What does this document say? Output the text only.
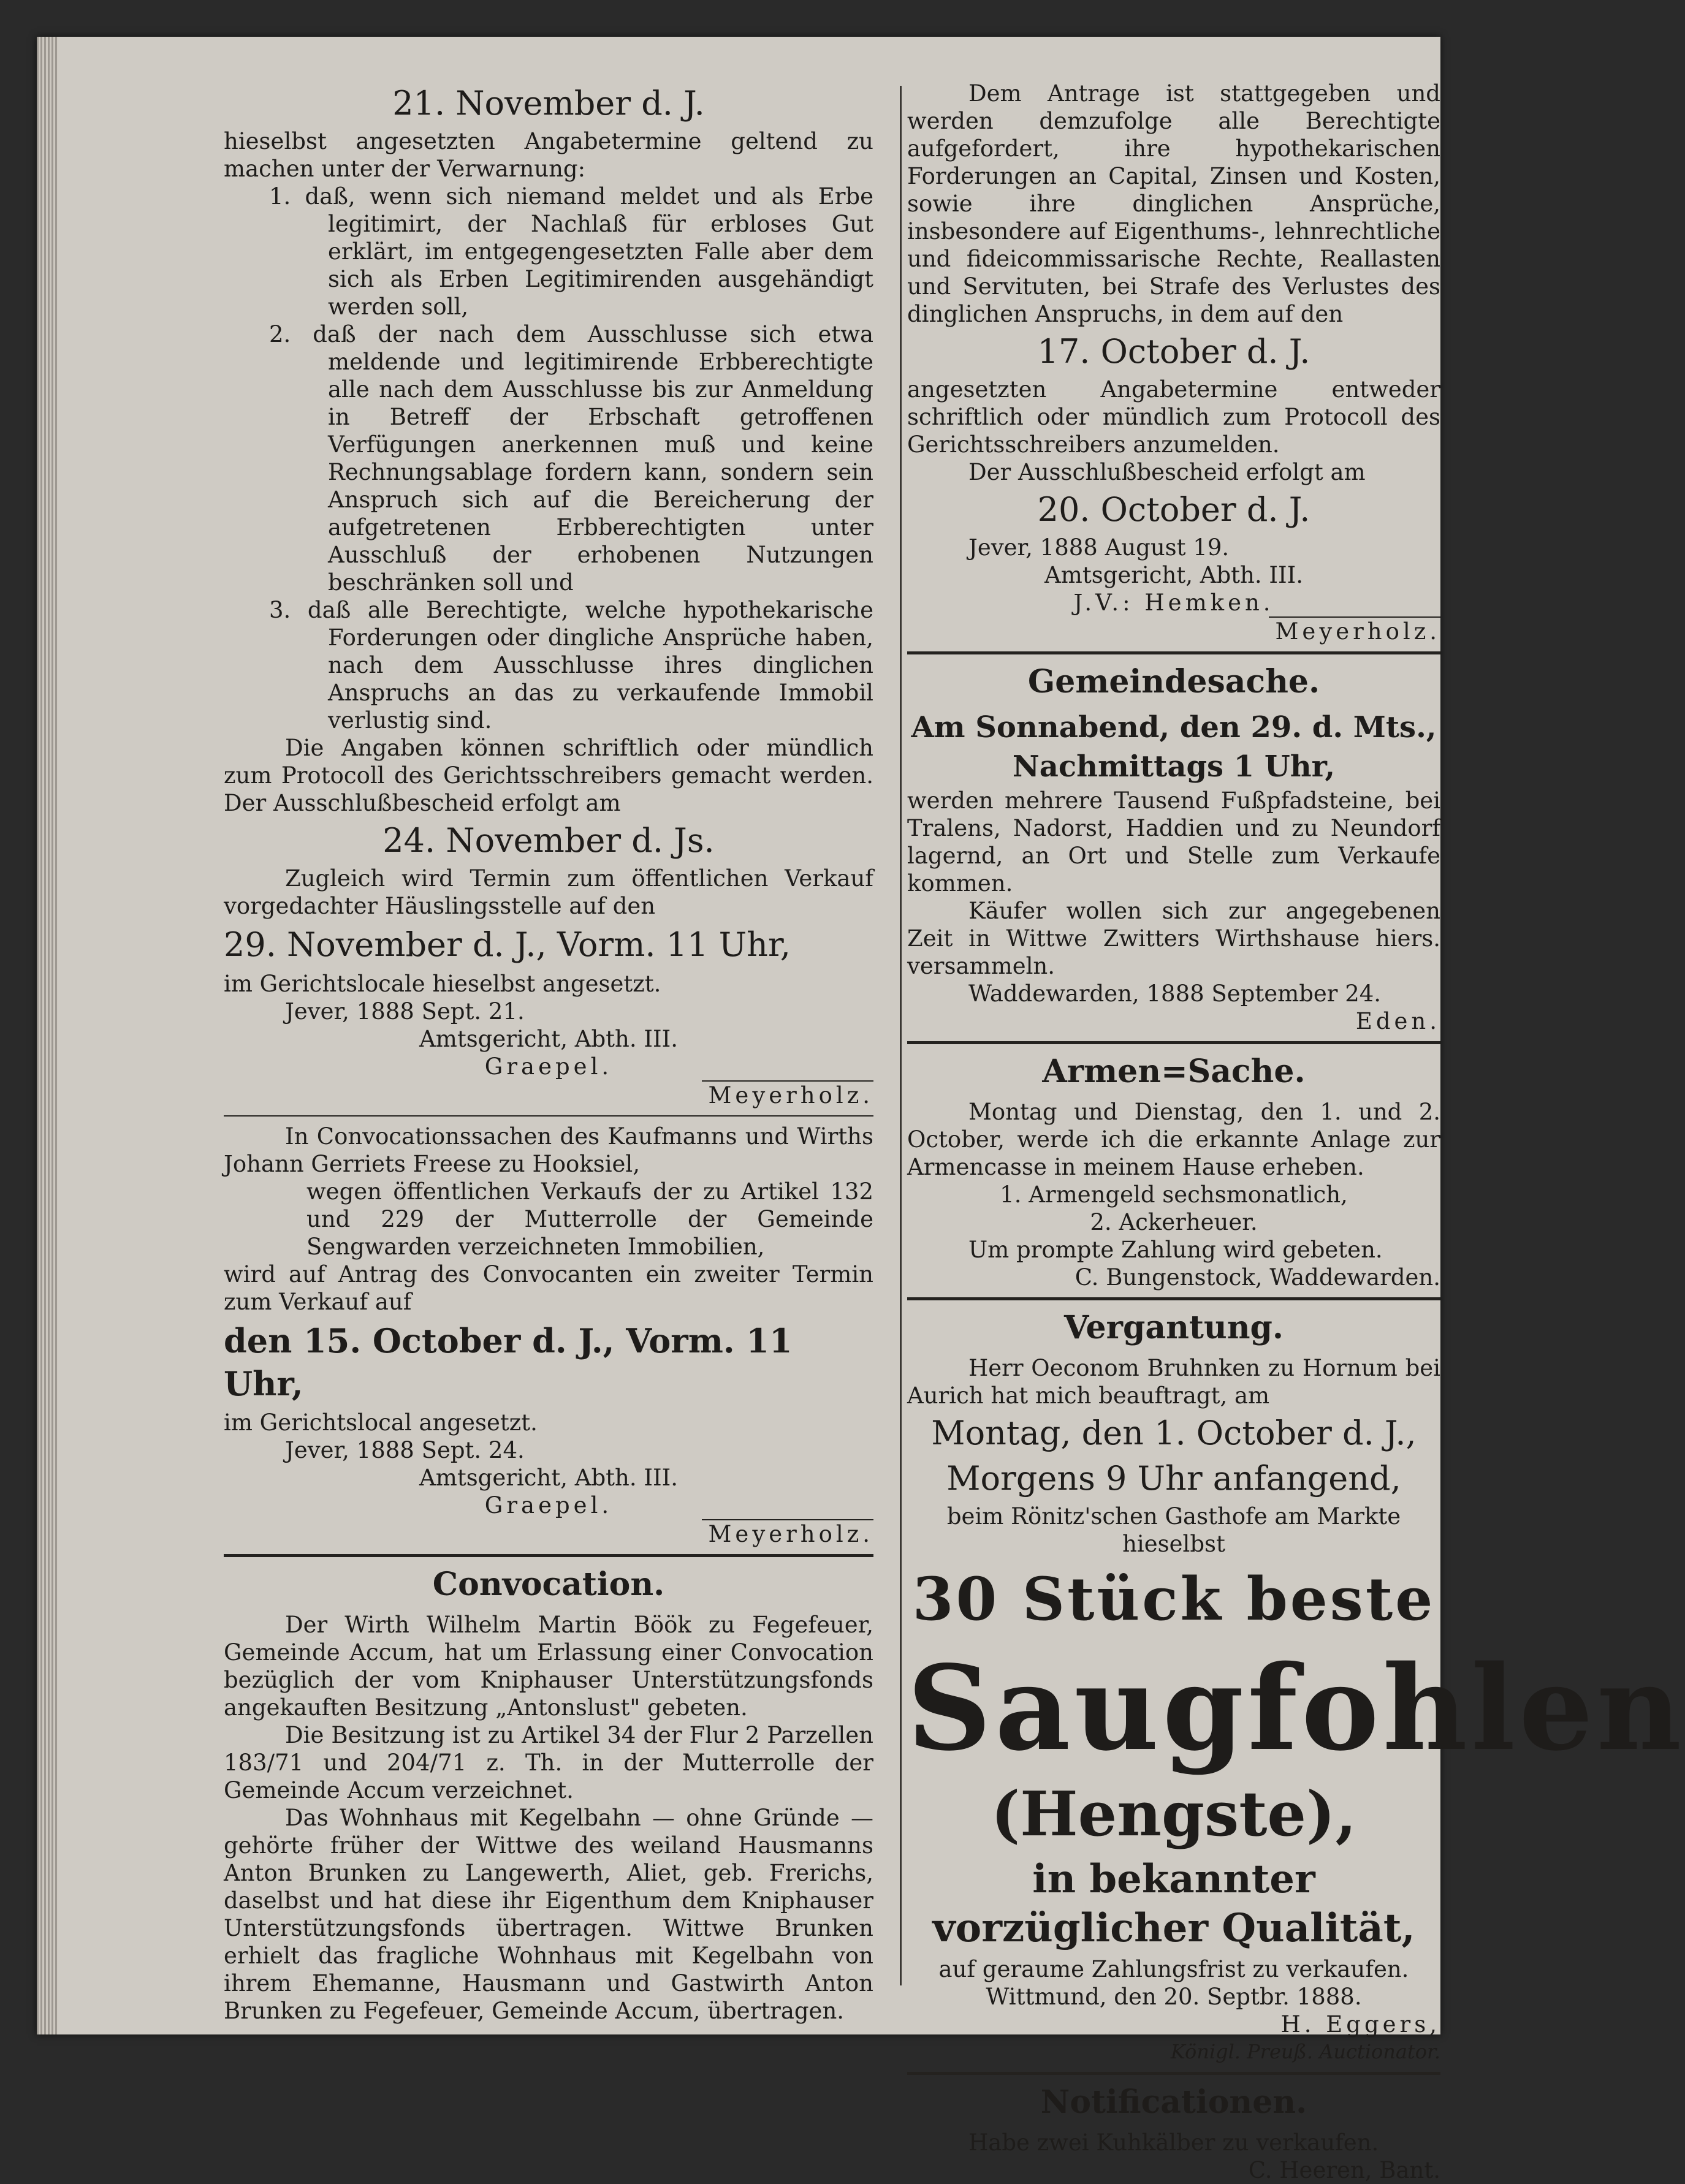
21. November d. J.

hieselbst angesetzten Angabetermine geltend zu machen unter der Verwarnung:

1. daß, wenn sich niemand meldet und als Erbe legitimirt, der Nachlaß für erbloses Gut erklärt, im entgegengesetzten Falle aber dem sich als Erben Legitimirenden ausgehändigt werden soll,

2. daß der nach dem Ausschlusse sich etwa meldende und legitimirende Erbberechtigte alle nach dem Ausschlusse bis zur Anmeldung in Betreff der Erbschaft getroffenen Verfügungen anerkennen muß und keine Rechnungsablage fordern kann, sondern sein Anspruch sich auf die Bereicherung der aufgetretenen Erbberechtigten unter Ausschluß der erhobenen Nutzungen beschränken soll und

3. daß alle Berechtigte, welche hypothekarische Forderungen oder dingliche Ansprüche haben, nach dem Ausschlusse ihres dinglichen Anspruchs an das zu verkaufende Immobil verlustig sind.

Die Angaben können schriftlich oder mündlich zum Protocoll des Gerichtsschreibers gemacht werden. Der Ausschlußbescheid erfolgt am

24. November d. Js.

Zugleich wird Termin zum öffentlichen Verkauf vorgedachter Häuslingsstelle auf den

29. November d. J., Vorm. 11 Uhr,

im Gerichtslocale hieselbst angesetzt.

Jever, 1888 Sept. 21.

Amtsgericht, Abth. III.

Graepel.

Meyerholz.

In Convocationssachen des Kaufmanns und Wirths Johann Gerriets Freese zu Hooksiel,

wegen öffentlichen Verkaufs der zu Artikel 132 und 229 der Mutterrolle der Gemeinde Sengwarden verzeichneten Immobilien,

wird auf Antrag des Convocanten ein zweiter Termin zum Verkauf auf

den 15. October d. J., Vorm. 11 Uhr,

im Gerichtslocal angesetzt.

Jever, 1888 Sept. 24.

Amtsgericht, Abth. III.

Graepel.

Meyerholz.

Convocation.

Der Wirth Wilhelm Martin Böök zu Fegefeuer, Gemeinde Accum, hat um Erlassung einer Convocation bezüglich der vom Kniphauser Unterstützungsfonds angekauften Besitzung „Antonslust" gebeten.

Die Besitzung ist zu Artikel 34 der Flur 2 Parzellen 183/71 und 204/71 z. Th. in der Mutterrolle der Gemeinde Accum verzeichnet.

Das Wohnhaus mit Kegelbahn — ohne Gründe — gehörte früher der Wittwe des weiland Hausmanns Anton Brunken zu Langewerth, Aliet, geb. Frerichs, daselbst und hat diese ihr Eigenthum dem Kniphauser Unterstützungsfonds übertragen. Wittwe Brunken erhielt das fragliche Wohnhaus mit Kegelbahn von ihrem Ehemanne, Hausmann und Gastwirth Anton Brunken zu Fegefeuer, Gemeinde Accum, übertragen.

Dem Antrage ist stattgegeben und werden demzufolge alle Berechtigte aufgefordert, ihre hypothekarischen Forderungen an Capital, Zinsen und Kosten, sowie ihre dinglichen Ansprüche, insbesondere auf Eigenthums-, lehnrechtliche und fideicommissarische Rechte, Reallasten und Servituten, bei Strafe des Verlustes des dinglichen Anspruchs, in dem auf den

17. October d. J.

angesetzten Angabetermine entweder schriftlich oder mündlich zum Protocoll des Gerichtsschreibers anzumelden.

Der Ausschlußbescheid erfolgt am

20. October d. J.

Jever, 1888 August 19.

Amtsgericht, Abth. III.

J.V.: Hemken.

Meyerholz.

Gemeindesache.

Am Sonnabend, den 29. d. Mts.,

Nachmittags 1 Uhr,

werden mehrere Tausend Fußpfadsteine, bei Tralens, Nadorst, Haddien und zu Neundorf lagernd, an Ort und Stelle zum Verkaufe kommen.

Käufer wollen sich zur angegebenen Zeit in Wittwe Zwitters Wirthshause hiers. versammeln.

Waddewarden, 1888 September 24.

Eden.

Armen=Sache.

Montag und Dienstag, den 1. und 2. October, werde ich die erkannte Anlage zur Armencasse in meinem Hause erheben.

1. Armengeld sechsmonatlich,

2. Ackerheuer.

Um prompte Zahlung wird gebeten.

C. Bungenstock, Waddewarden.

Vergantung.

Herr Oeconom Bruhnken zu Hornum bei Aurich hat mich beauftragt, am

Montag, den 1. October d. J.,

Morgens 9 Uhr anfangend,

beim Rönitz'schen Gasthofe am Markte hieselbst

30 Stück beste

Saugfohlen

(Hengste),

in bekannter vorzüglicher Qualität,

auf geraume Zahlungsfrist zu verkaufen.

Wittmund, den 20. Septbr. 1888.

H. Eggers,

Königl. Preuß. Auctionator.

Notificationen.

Habe zwei Kuhkälber zu verkaufen.

C. Heeren, Bant.
